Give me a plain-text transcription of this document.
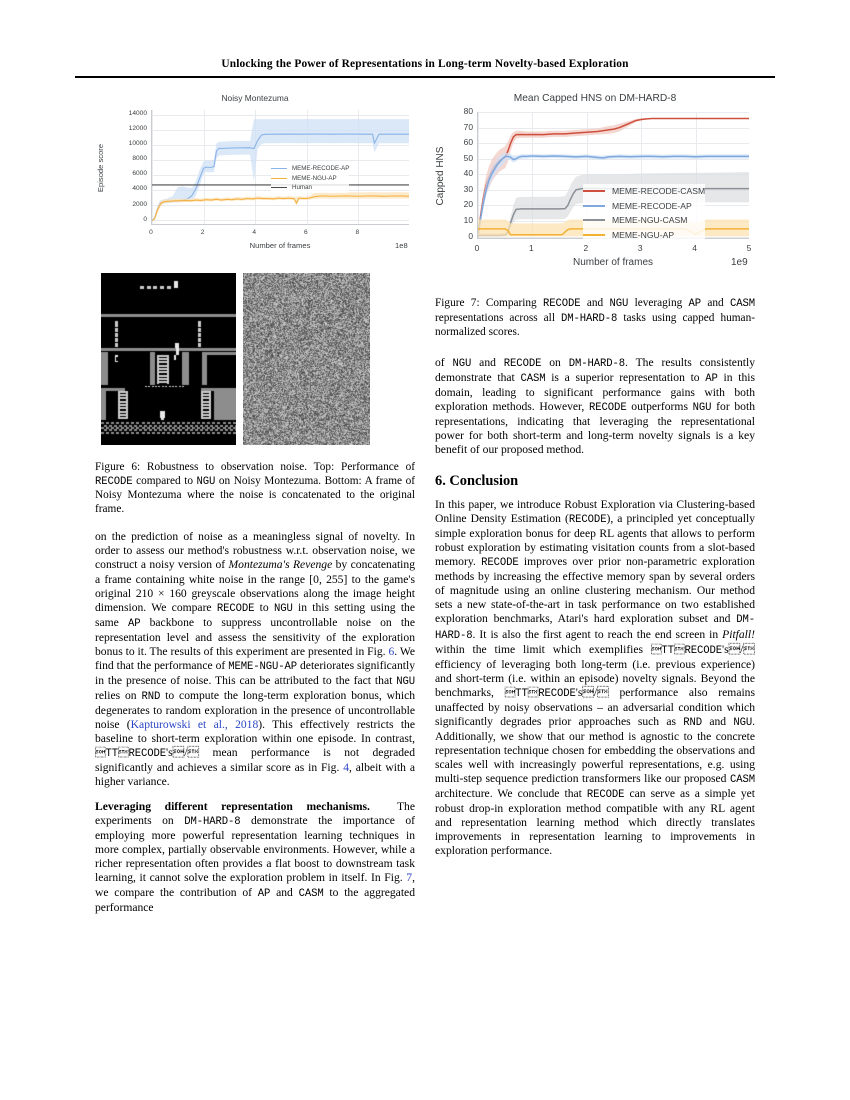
Unlocking the Power of Representations in Long-term Novelty-based Exploration
Noisy Montezuma
0
2000
4000
6000
8000
10000
12000
14000
0	2	4	6	8
Number of frames	1e8
Episode score	MEME-RECODE-AP
MEME-NGU-AP
Human

Figure 6: Robustness to observation noise. Top: Performance of RECODE compared to NGU on Noisy Montezuma. Bottom: A frame of Noisy Montezuma where the noise is concatenated to the original frame.

on the prediction of noise as a meaningless signal of novelty. In order to assess our method's robustness w.r.t. observation noise, we construct a noisy version of Montezuma's Revenge by concatenating a frame containing white noise in the range [0, 255] to the game's original 210 × 160 greyscale observations along the image height dimension. We compare RECODE to NGU in this setting using the same AP backbone to suppress uncontrollable noise on the representation level and assess the sensitivity of the exploration bonus to it. The results of this experiment are presented in Fig. 6. We find that the performance of MEME-NGU-AP deteriorates significantly in the presence of noise. This can be attributed to the fact that NGU relies on RND to compute the long-term exploration bonus, which degenerates to random exploration in the presence of uncontrollable noise (Kapturowski et al., 2018). This effectively restricts the baseline to short-term exploration within one episode. In contrast, TTRECODE's/ mean performance is not degraded significantly and achieves a similar score as in Fig. 4, albeit with a higher variance.

Leveraging different representation mechanisms.  The experiments on DM-HARD-8 demonstrate the importance of employing more powerful representation learning techniques in more complex, partially observable environments. However, while a richer representation often provides a flat boost to downstream task learning, it cannot solve the exploration problem in itself. In Fig. 7, we compare the contribution of AP and CASM to the aggregated performance

Mean Capped HNS on DM-HARD-8
0
10
20
30
40
50
60
70
80
0	1	2	3	4	5
Number of frames	1e9
Capped HNS	MEME-RECODE-CASM
MEME-RECODE-AP
MEME-NGU-CASM
MEME-NGU-AP

Figure 7: Comparing RECODE and NGU leveraging AP and CASM representations across all DM-HARD-8 tasks using capped human-normalized scores.

of NGU and RECODE on DM-HARD-8. The results consistently demonstrate that CASM is a superior representation to AP in this domain, leading to significant performance gains with both exploration methods. However, RECODE outperforms NGU for both representations, indicating that leveraging the representational power for both short-term and long-term novelty signals is a key benefit of our proposed method.

6. Conclusion

In this paper, we introduce Robust Exploration via Clustering-based Online Density Estimation (RECODE), a principled yet conceptually simple exploration bonus for deep RL agents that allows to perform robust exploration by estimating visitation counts from a slot-based memory. RECODE improves over prior non-parametric exploration methods by increasing the effective memory span by several orders of magnitude using an online clustering mechanism. Our method sets a new state-of-the-art in task performance on two established exploration benchmarks, Atari's hard exploration subset and DM-HARD-8. It is also the first agent to reach the end screen in Pitfall! within the time limit which exemplifies TTRECODE's/ efficiency of leveraging both long-term (i.e. previous experience) and short-term (i.e. within an episode) novelty signals. Beyond the benchmarks, TTRECODE's/ performance also remains unaffected by noisy observations – an adversarial condition which significantly degrades prior approaches such as RND and NGU. Additionally, we show that our method is agnostic to the concrete representation technique chosen for embedding the observations and scales well with increasingly powerful representations, e.g. using multi-step sequence prediction transformers like our proposed CASM architecture. We conclude that RECODE can serve as a simple yet robust drop-in exploration method compatible with any RL agent and representation learning method which directly translates improvements in representation learning to improvements in exploration performance.
